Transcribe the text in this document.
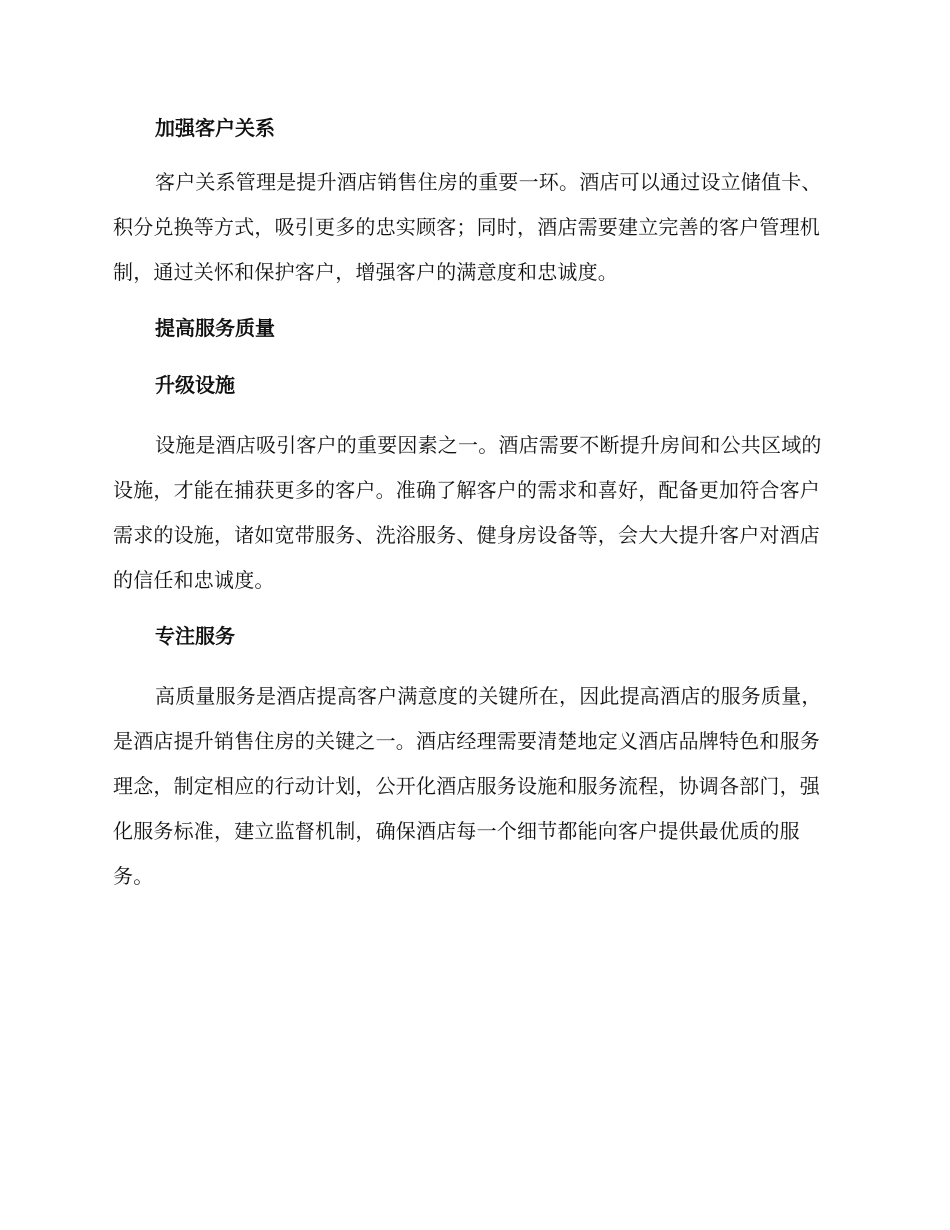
加强客户关系

客户关系管理是提升酒店销售住房的重要一环。酒店可以通过设立储值卡、积分兑换等方式，吸引更多的忠实顾客；同时，酒店需要建立完善的客户管理机制，通过关怀和保护客户，增强客户的满意度和忠诚度。

提高服务质量
升级设施

设施是酒店吸引客户的重要因素之一。酒店需要不断提升房间和公共区域的设施，才能在捕获更多的客户。准确了解客户的需求和喜好，配备更加符合客户需求的设施，诸如宽带服务、洗浴服务、健身房设备等，会大大提升客户对酒店的信任和忠诚度。

专注服务

高质量服务是酒店提高客户满意度的关键所在，因此提高酒店的服务质量，是酒店提升销售住房的关键之一。酒店经理需要清楚地定义酒店品牌特色和服务理念，制定相应的行动计划，公开化酒店服务设施和服务流程，协调各部门，强化服务标准，建立监督机制，确保酒店每一个细节都能向客户提供最优质的服务。
